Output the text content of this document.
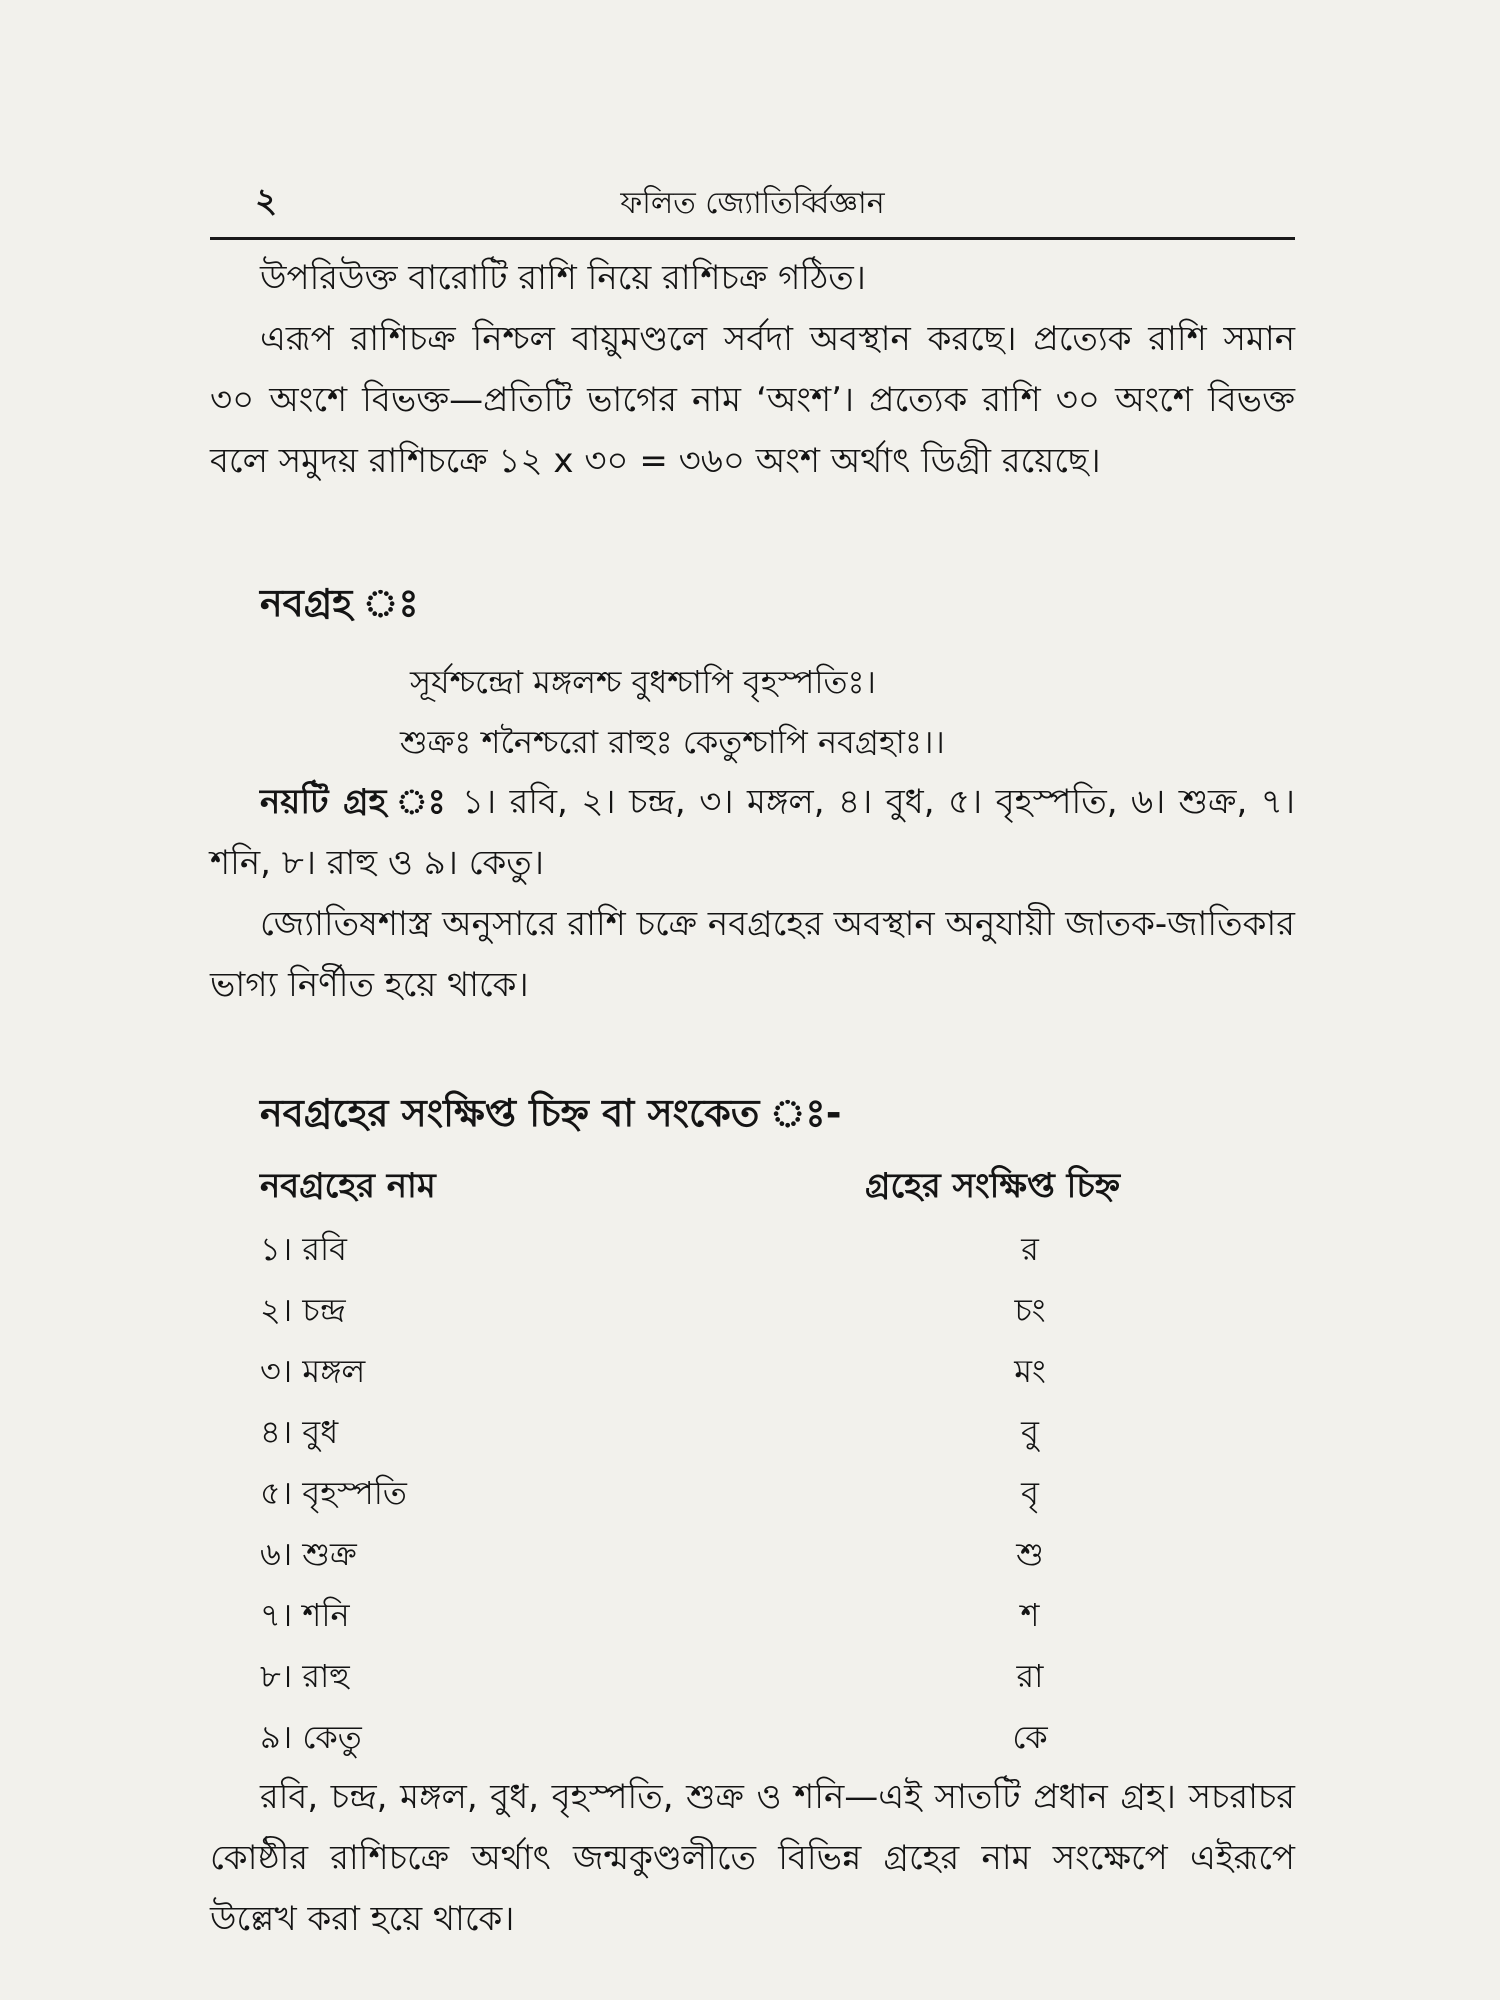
২	ফলিত জ্যোতির্ব্বিজ্ঞান

উপরিউক্ত বারোটি রাশি নিয়ে রাশিচক্র গঠিত।

এরূপ রাশিচক্র নিশ্চল বায়ুমণ্ডলে সর্বদা অবস্থান করছে। প্রত্যেক রাশি সমান ৩০ অংশে বিভক্ত—প্রতিটি ভাগের নাম ‘অংশ’। প্রত্যেক রাশি ৩০ অংশে বিভক্ত বলে সমুদয় রাশিচক্রে ১২ x ৩০ = ৩৬০ অংশ অর্থাৎ ডিগ্রী রয়েছে।

নবগ্রহ ঃ

সূর্যশ্চন্দ্রো মঙ্গলশ্চ বুধশ্চাপি বৃহস্পতিঃ।

শুক্রঃ শনৈশ্চরো রাহুঃ কেতুশ্চাপি নবগ্রহাঃ।।

নয়টি গ্রহ ঃ ১। রবি, ২। চন্দ্র, ৩। মঙ্গল, ৪। বুধ, ৫। বৃহস্পতি, ৬। শুক্র, ৭। শনি, ৮। রাহু ও ৯। কেতু।

জ্যোতিষশাস্ত্র অনুসারে রাশি চক্রে নবগ্রহের অবস্থান অনুযায়ী জাতক-জাতিকার ভাগ্য নির্ণীত হয়ে থাকে।

নবগ্রহের সংক্ষিপ্ত চিহ্ন বা সংকেত ঃ-
নবগ্রহের নাম	গ্রহের সংক্ষিপ্ত চিহ্ন
১। রবি	র
২। চন্দ্র	চং
৩। মঙ্গল	মং
৪। বুধ	বু
৫। বৃহস্পতি	বৃ
৬। শুক্র	শু
৭। শনি	শ
৮। রাহু	রা
৯। কেতু	কে

রবি, চন্দ্র, মঙ্গল, বুধ, বৃহস্পতি, শুক্র ও শনি—এই সাতটি প্রধান গ্রহ। সচরাচর কোষ্ঠীর রাশিচক্রে অর্থাৎ জন্মকুণ্ডলীতে বিভিন্ন গ্রহের নাম সংক্ষেপে এইরূপে উল্লেখ করা হয়ে থাকে।
